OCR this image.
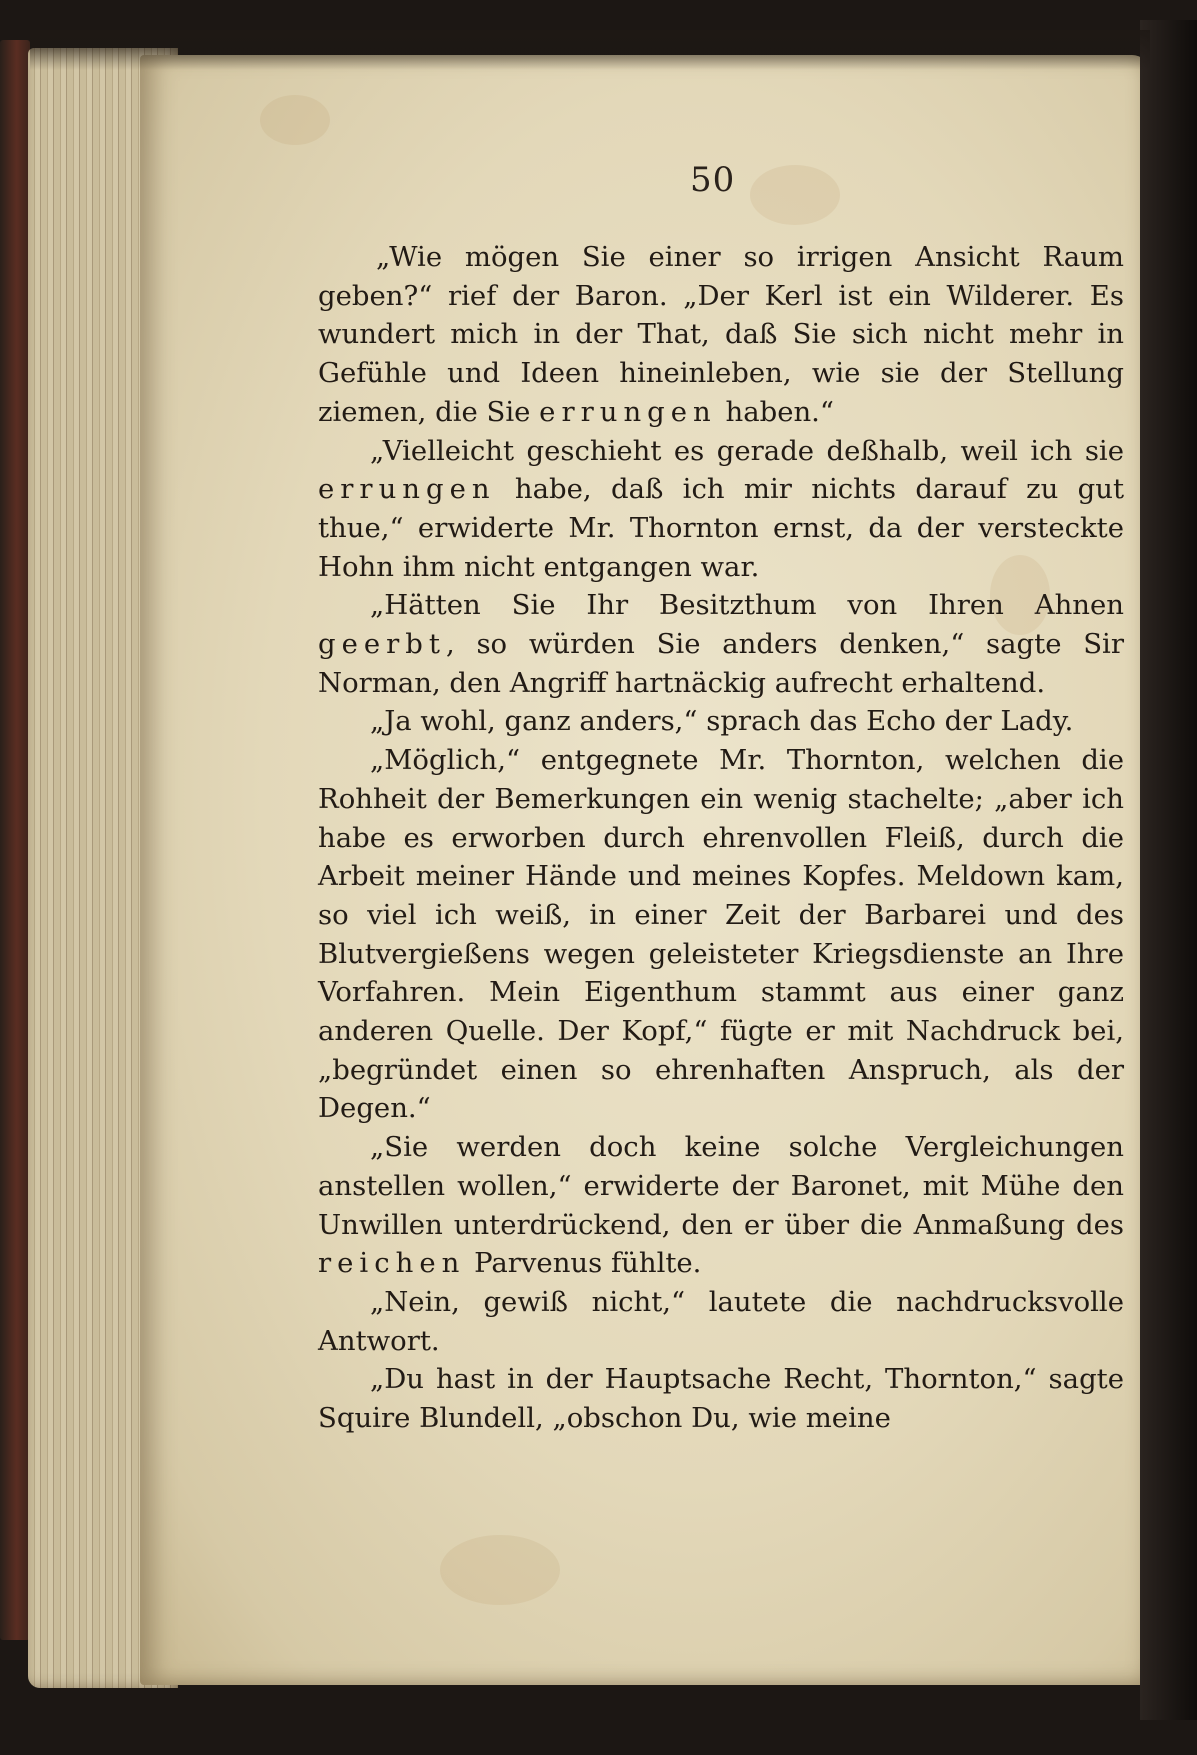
50

„Wie mögen Sie einer so irrigen Ansicht Raum geben?“ rief der Baron. „Der Kerl ist ein Wilderer. Es wundert mich in der That, daß Sie sich nicht mehr in Gefühle und Ideen hineinleben, wie sie der Stellung ziemen, die Sie errungen haben.“

„Vielleicht geschieht es gerade deßhalb, weil ich sie errungen habe, daß ich mir nichts darauf zu gut thue,“ erwiderte Mr. Thornton ernst, da der versteckte Hohn ihm nicht entgangen war.

„Hätten Sie Ihr Besitzthum von Ihren Ahnen geerbt, so würden Sie anders denken,“ sagte Sir Norman, den Angriff hartnäckig aufrecht erhaltend.

„Ja wohl, ganz anders,“ sprach das Echo der Lady.

„Möglich,“ entgegnete Mr. Thornton, welchen die Rohheit der Bemerkungen ein wenig stachelte; „aber ich habe es erworben durch ehrenvollen Fleiß, durch die Arbeit meiner Hände und meines Kopfes. Meldown kam, so viel ich weiß, in einer Zeit der Barbarei und des Blutvergießens wegen geleisteter Kriegsdienste an Ihre Vorfahren. Mein Eigenthum stammt aus einer ganz anderen Quelle. Der Kopf,“ fügte er mit Nachdruck bei, „begründet einen so ehrenhaften Anspruch, als der Degen.“

„Sie werden doch keine solche Vergleichungen anstellen wollen,“ erwiderte der Baronet, mit Mühe den Unwillen unterdrückend, den er über die Anmaßung des reichen Parvenus fühlte.

„Nein, gewiß nicht,“ lautete die nachdrucksvolle Antwort.

„Du hast in der Hauptsache Recht, Thornton,“ sagte Squire Blundell, „obschon Du, wie meine
